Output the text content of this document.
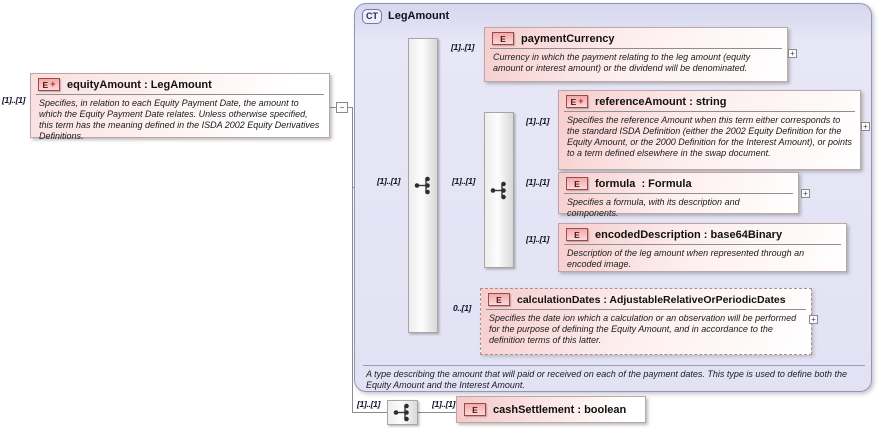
CT LegAmount
A type describing the amount that will paid or received on each of the payment dates. This type is used to define both the Equity Amount and the Interest Amount.
[1]..[1]
E + equityAmount : LegAmount
Specifies, in relation to each Equity Payment Date, the amount to which the Equity Payment Date relates. Unless otherwise specified, this term has the meaning defined in the ISDA 2002 Equity Derivatives Definitions.
−
[1]..[1]
[1]..[1]
E	paymentCurrency
Currency in which the payment relating to the leg amount (equity amount or interest amount) or the dividend will be denominated.
+
[1]..[1]
[1]..[1]
E + referenceAmount : string
Specifies the reference Amount when this term either corresponds to the standard ISDA Definition (either the 2002 Equity Definition for the Equity Amount, or the 2000 Definition for the Interest Amount), or points to a term defined elsewhere in the swap document.
+
[1]..[1]	E	formula  : Formula
Specifies a formula, with its description and components.
+
[1]..[1]	E	encodedDescription : base64Binary
Description of the leg amount when represented through an encoded image.
0..[1]
E	calculationDates : AdjustableRelativeOrPeriodicDates
Specifies the date ion which a calculation or an observation will be performed for the purpose of defining the Equity Amount, and in accordance to the definition terms of this latter.
+
[1]..[1]	[1]..[1]
E	cashSettlement : boolean
